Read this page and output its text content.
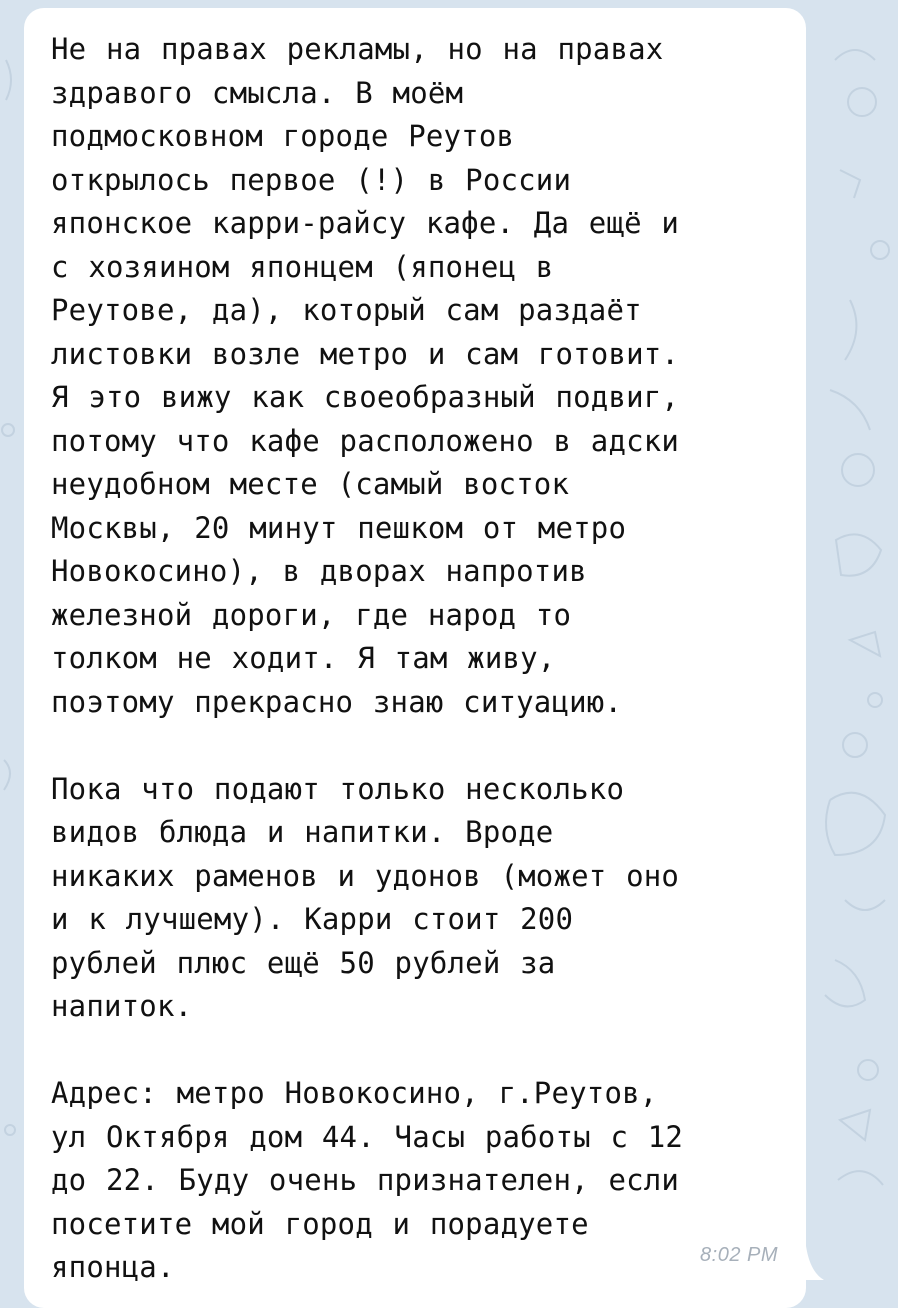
Не на правах рекламы, но на правах
здравого смысла. В моём
подмосковном городе Реутов
открылось первое (!) в России
японское карри-райсу кафе. Да ещё и
с хозяином японцем (японец в
Реутове, да), который сам раздаёт
листовки возле метро и сам готовит.
Я это вижу как своеобразный подвиг,
потому что кафе расположено в адски
неудобном месте (самый восток
Москвы, 20 минут пешком от метро
Новокосино), в дворах напротив
железной дороги, где народ то
толком не ходит. Я там живу,
поэтому прекрасно знаю ситуацию.

Пока что подают только несколько
видов блюда и напитки. Вроде
никаких раменов и удонов (может оно
и к лучшему). Карри стоит 200
рублей плюс ещё 50 рублей за
напиток.

Адрес: метро Новокосино, г.Реутов,
ул Октября дом 44. Часы работы с 12
до 22. Буду очень признателен, если
посетите мой город и порадуете
японца.	8:02 PM
